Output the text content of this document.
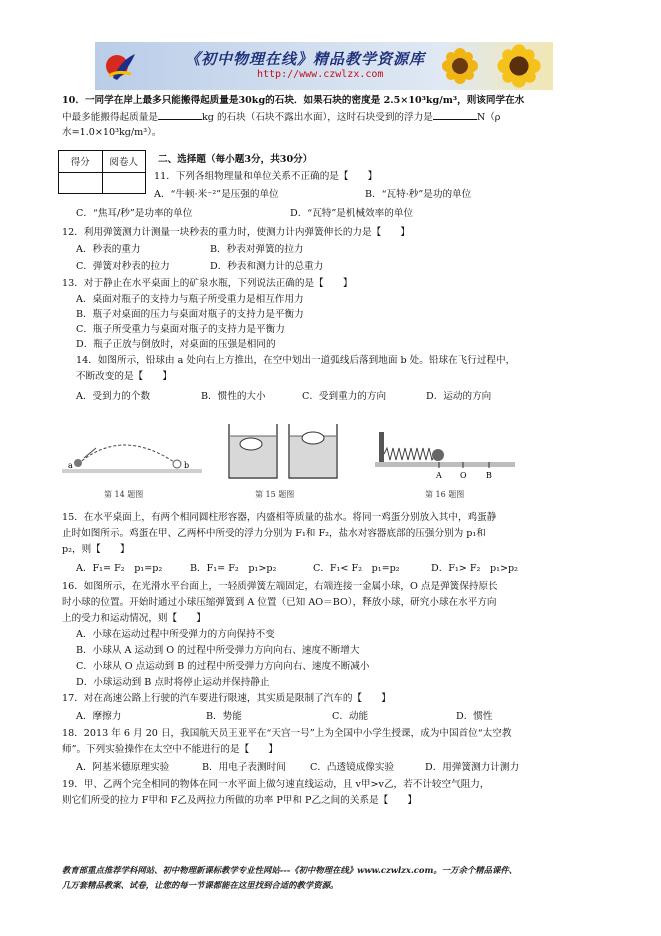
《初中物理在线》精品教学资源库
http://www.czwlzx.com
10．一同学在岸上最多只能搬得起质量是30kg的石块．如果石块的密度是 2.5×10³kg/m³，则该同学在水
中最多能搬得起质量是	kg 的石块（石块不露出水面），这时石块受到的浮力是	N（ρ
水=1.0×10³kg/m³）。
得分	阅卷人
	二、选择题（每小题3分，共30分）
11．下列各组物理量和单位关系不正确的是【　　】
A．“牛顿·米⁻²”是压强的单位	B．“瓦特·秒”是功的单位
C．“焦耳/秒”是功率的单位	D．“瓦特”是机械效率的单位
12．利用弹簧测力计测量一块秒表的重力时，使测力计内弹簧伸长的力是【　　】
A．秒表的重力	B．秒表对弹簧的拉力
C．弹簧对秒表的拉力	D．秒表和测力计的总重力
13．对于静止在水平桌面上的矿泉水瓶，下列说法正确的是【　　】
A．桌面对瓶子的支持力与瓶子所受重力是相互作用力
B．瓶子对桌面的压力与桌面对瓶子的支持力是平衡力
C．瓶子所受重力与桌面对瓶子的支持力是平衡力
D．瓶子正放与倒放时，对桌面的压强是相同的
14．如图所示，铅球由 a 处向右上方推出，在空中划出一道弧线后落到地面 b 处。铅球在飞行过程中，
不断改变的是【　　】
A．受到力的个数	B．惯性的大小	C．受到重力的方向	D．运动的方向
a	b
第 14 题图	第 15 题图
A O B
第 16 题图
15．在水平桌面上，有两个相同圆柱形容器，内盛相等质量的盐水。将同一鸡蛋分别放入其中，鸡蛋静
止时如图所示。鸡蛋在甲、乙两杯中所受的浮力分别为 F₁和 F₂，盐水对容器底部的压强分别为 p₁和
p₂，则【　　】
A．F₁= F₂　p₁=p₂	B．F₁= F₂　p₁>p₂	C．F₁< F₂　p₁=p₂	D．F₁> F₂　p₁>p₂
16．如图所示，在光滑水平台面上，一轻质弹簧左端固定，右端连接一金属小球，O 点是弹簧保持原长
时小球的位置。开始时通过小球压缩弹簧到 A 位置（已知 AO＝BO），释放小球，研究小球在水平方向
上的受力和运动情况，则【　　】
A．小球在运动过程中所受弹力的方向保持不变
B．小球从 A 运动到 O 的过程中所受弹力方向向右、速度不断增大
C．小球从 O 点运动到 B 的过程中所受弹力方向向右、速度不断减小
D．小球运动到 B 点时将停止运动并保持静止
17．对在高速公路上行驶的汽车要进行限速，其实质是限制了汽车的【　　】
A．摩擦力	B．势能	C．动能	D．惯性
18．2013 年 6 月 20 日，我国航天员王亚平在“天宫一号”上为全国中小学生授课，成为中国首位“太空教
师”。下列实验操作在太空中不能进行的是【　　】
A．阿基米德原理实验	B．用电子表测时间	C．凸透镜成像实验	D．用弹簧测力计测力
19．甲、乙两个完全相同的物体在同一水平面上做匀速直线运动，且 v甲>v乙，若不计较空气阻力，
则它们所受的拉力 F甲和 F乙及两拉力所做的功率 P甲和 P乙之间的关系是【　　】
教育部重点推荐学科网站、初中物理新课标教学专业性网站---《初中物理在线》www.czwlzx.com。一万余个精品课件、
几万套精品教案、试卷，让您的每一节课都能在这里找到合适的教学资源。
